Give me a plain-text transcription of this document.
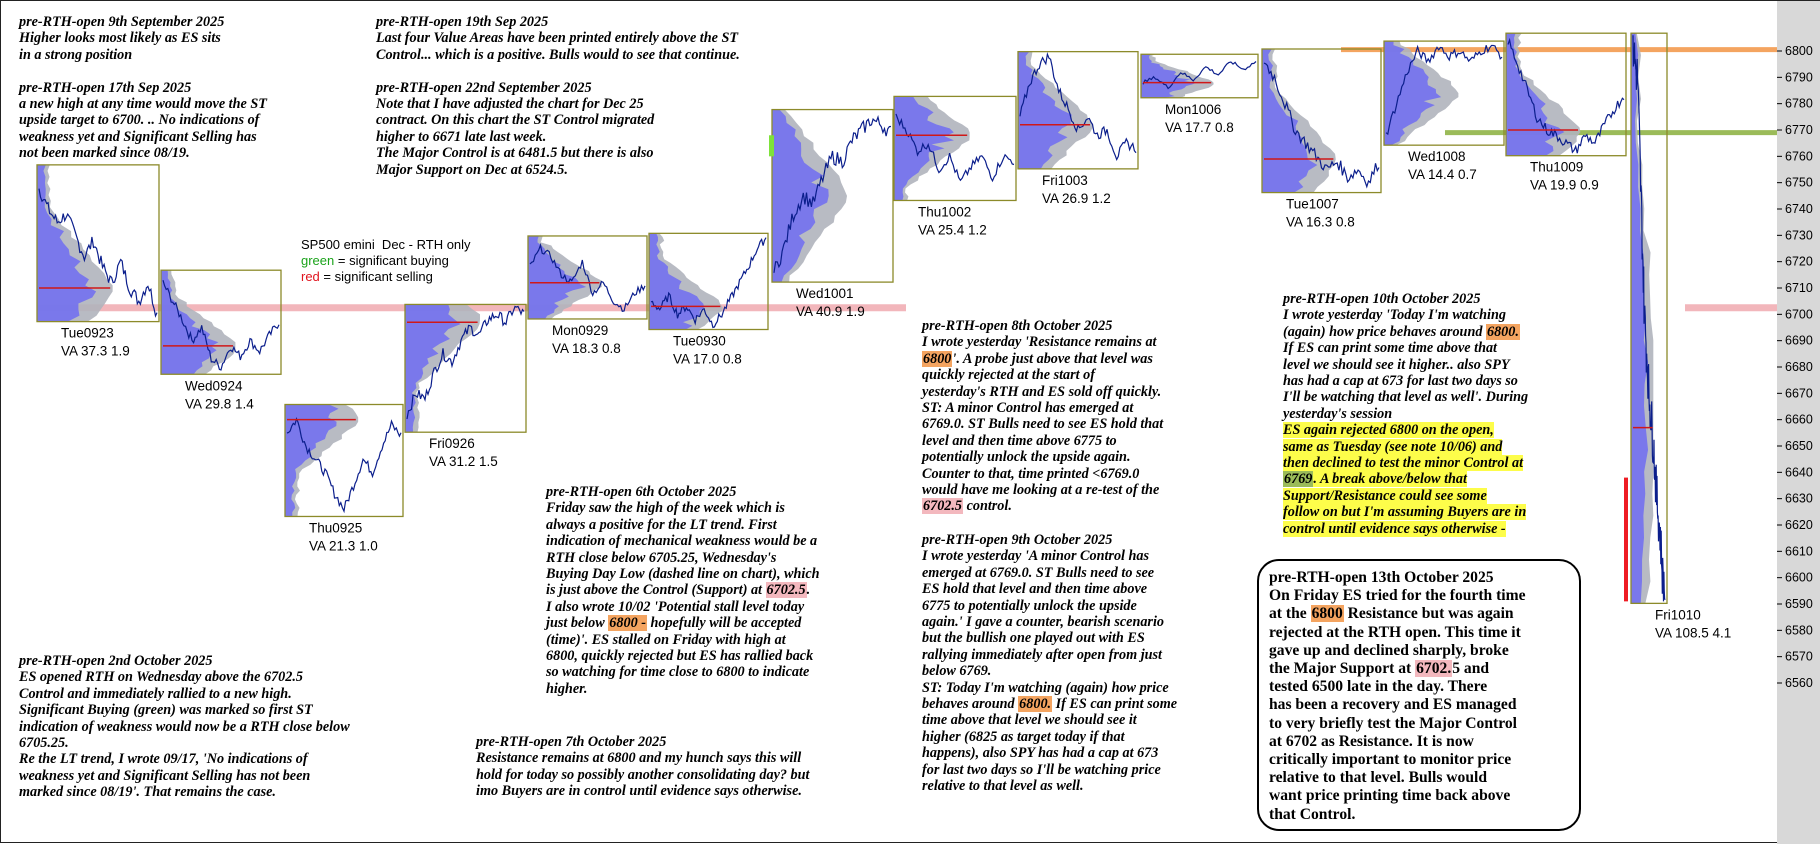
6560
6570
6580
6590
6600
6610
6620
6630
6640
6650
6660
6670
6680
6690
6700
6710
6720
6730
6740
6750
6760
6770
6780
6790
6800
Tue0923
VA 37.3 1.9
Wed0924
VA 29.8 1.4
Thu0925
VA 21.3 1.0
Fri0926
VA 31.2 1.5
Mon0929
VA 18.3 0.8	Tue0930
VA 17.0 0.8
Wed1001
VA 40.9 1.9
Thu1002
VA 25.4 1.2
Fri1003
VA 26.9 1.2
Mon1006
VA 17.7 0.8
Tue1007
VA 16.3 0.8
Wed1008
VA 14.4 0.7	Thu1009
VA 19.9 0.9
Fri1010
VA 108.5 4.1
SP500 emini  Dec - RTH only
green = significant buying
red = significant selling

pre-RTH-open 9th September 2025
Higher looks most likely as ES sits
in a strong position

pre-RTH-open 17th Sep 2025
a new high at any time would move the ST
upside target to 6700. .. No indications of
weakness yet and Significant Selling has
not been marked since 08/19.

pre-RTH-open 19th Sep 2025
Last four Value Areas have been printed entirely above the ST
Control... which is a positive. Bulls would to see that continue.

pre-RTH-open 22nd September 2025
Note that I have adjusted the chart for Dec 25
contract. On this chart the ST Control migrated
higher to 6671 late last week.
The Major Control is at 6481.5 but there is also
Major Support on Dec at 6524.5.

pre-RTH-open 2nd October 2025
ES opened RTH on Wednesday above the 6702.5
Control and immediately rallied to a new high.
Significant Buying (green) was marked so first ST
indication of weakness would now be a RTH close below
6705.25.
Re the LT trend, I wrote 09/17, 'No indications of
weakness yet and Significant Selling has not been
marked since 08/19'. That remains the case.

pre-RTH-open 6th October 2025
Friday saw the high of the week which is
always a positive for the LT trend. First
indication of mechanical weakness would be a
RTH close below 6705.25, Wednesday's
Buying Day Low (dashed line on chart), which
is just above the Control (Support) at 6702.5.
I also wrote 10/02 'Potential stall level today
just below 6800 - hopefully will be accepted
(time)'. ES stalled on Friday with high at
6800, quickly rejected but ES has rallied back
so watching for time close to 6800 to indicate
higher.

pre-RTH-open 7th October 2025
Resistance remains at 6800 and my hunch says this will
hold for today so possibly another consolidating day? but
imo Buyers are in control until evidence says otherwise.

pre-RTH-open 8th October 2025
I wrote yesterday 'Resistance remains at
6800'. A probe just above that level was
quickly rejected at the start of
yesterday's RTH and ES sold off quickly.
ST: A minor Control has emerged at
6769.0. ST Bulls need to see ES hold that
level and then time above 6775 to
potentially unlock the upside again.
Counter to that, time printed <6769.0
would have me looking at a re-test of the
6702.5 control.

pre-RTH-open 9th October 2025
I wrote yesterday 'A minor Control has
emerged at 6769.0. ST Bulls need to see
ES hold that level and then time above
6775 to potentially unlock the upside
again.' I gave a counter, bearish scenario
but the bullish one played out with ES
rallying immediately after open from just
below 6769.
ST: Today I'm watching (again) how price
behaves around 6800. If ES can print some
time above that level we should see it
higher (6825 as target today if that
happens), also SPY has had a cap at 673
for last two days so I'll be watching price
relative to that level as well.

pre-RTH-open 10th October 2025
I wrote yesterday 'Today I'm watching
(again) how price behaves around 6800.
If ES can print some time above that
level we should see it higher.. also SPY
has had a cap at 673 for last two days so
I'll be watching that level as well'. During
yesterday's session
ES again rejected 6800 on the open,
same as Tuesday (see note 10/06) and
then declined to test the minor Control at
6769. A break above/below that
Support/Resistance could see some
follow on but I'm assuming Buyers are in
control until evidence says otherwise -

pre-RTH-open 13th October 2025
On Friday ES tried for the fourth time
at the 6800 Resistance but was again
rejected at the RTH open. This time it
gave up and declined sharply, broke
the Major Support at 6702.5 and
tested 6500 late in the day. There
has been a recovery and ES managed
to very briefly test the Major Control
at 6702 as Resistance. It is now
critically important to monitor price
relative to that level. Bulls would
want price printing time back above
that Control.
